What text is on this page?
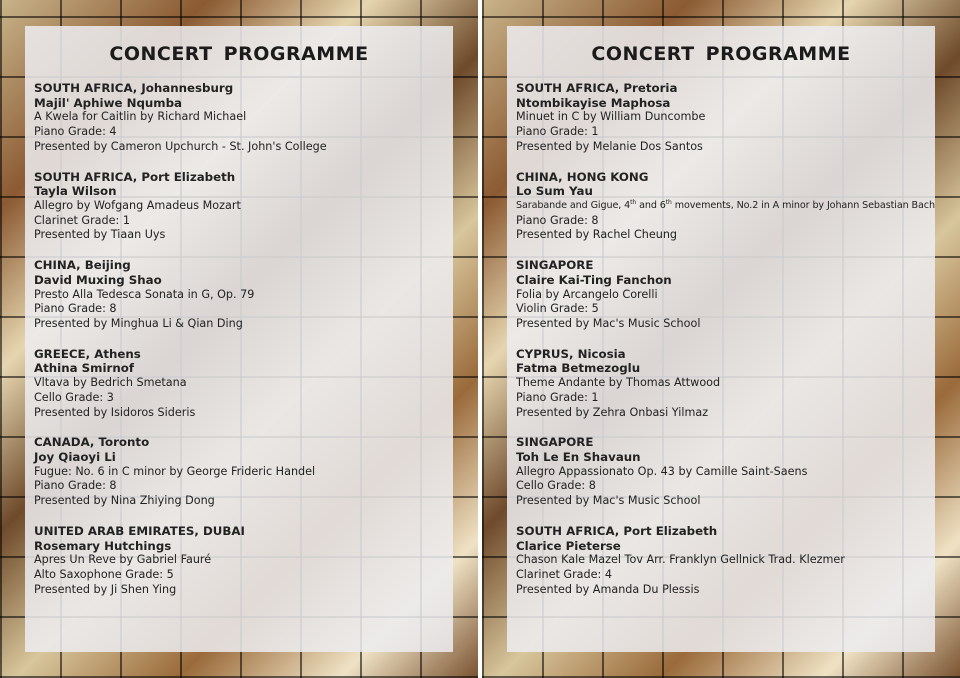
CONCERT PROGRAMME
SOUTH AFRICA, Johannesburg
Majil' Aphiwe Nqumba
A Kwela for Caitlin by Richard Michael
Piano Grade: 4
Presented by Cameron Upchurch - St. John's College
SOUTH AFRICA, Port Elizabeth
Tayla Wilson
Allegro by Wofgang Amadeus Mozart
Clarinet Grade: 1
Presented by Tiaan Uys
CHINA, Beijing
David Muxing Shao
Presto Alla Tedesca Sonata in G, Op. 79
Piano Grade: 8
Presented by Minghua Li & Qian Ding
GREECE, Athens
Athina Smirnof
Vltava by Bedrich Smetana
Cello Grade: 3
Presented by Isidoros Sideris
CANADA, Toronto
Joy Qiaoyi Li
Fugue: No. 6 in C minor by George Frideric Handel
Piano Grade: 8
Presented by Nina Zhiying Dong
UNITED ARAB EMIRATES, DUBAI
Rosemary Hutchings
Apres Un Reve by Gabriel Fauré
Alto Saxophone Grade: 5
Presented by Ji Shen Ying
CONCERT PROGRAMME
SOUTH AFRICA, Pretoria
Ntombikayise Maphosa
Minuet in C by William Duncombe
Piano Grade: 1
Presented by Melanie Dos Santos
CHINA, HONG KONG
Lo Sum Yau
Sarabande and Gigue, 4th and 6th movements, No.2 in A minor by Johann Sebastian Bach
Piano Grade: 8
Presented by Rachel Cheung
SINGAPORE
Claire Kai-Ting Fanchon
Folia by Arcangelo Corelli
Violin Grade: 5
Presented by Mac's Music School
CYPRUS, Nicosia
Fatma Betmezoglu
Theme Andante by Thomas Attwood
Piano Grade: 1
Presented by Zehra Onbasi Yilmaz
SINGAPORE
Toh Le En Shavaun
Allegro Appassionato Op. 43 by Camille Saint-Saens
Cello Grade: 8
Presented by Mac's Music School
SOUTH AFRICA, Port Elizabeth
Clarice Pieterse
Chason Kale Mazel Tov Arr. Franklyn Gellnick Trad. Klezmer
Clarinet Grade: 4
Presented by Amanda Du Plessis
